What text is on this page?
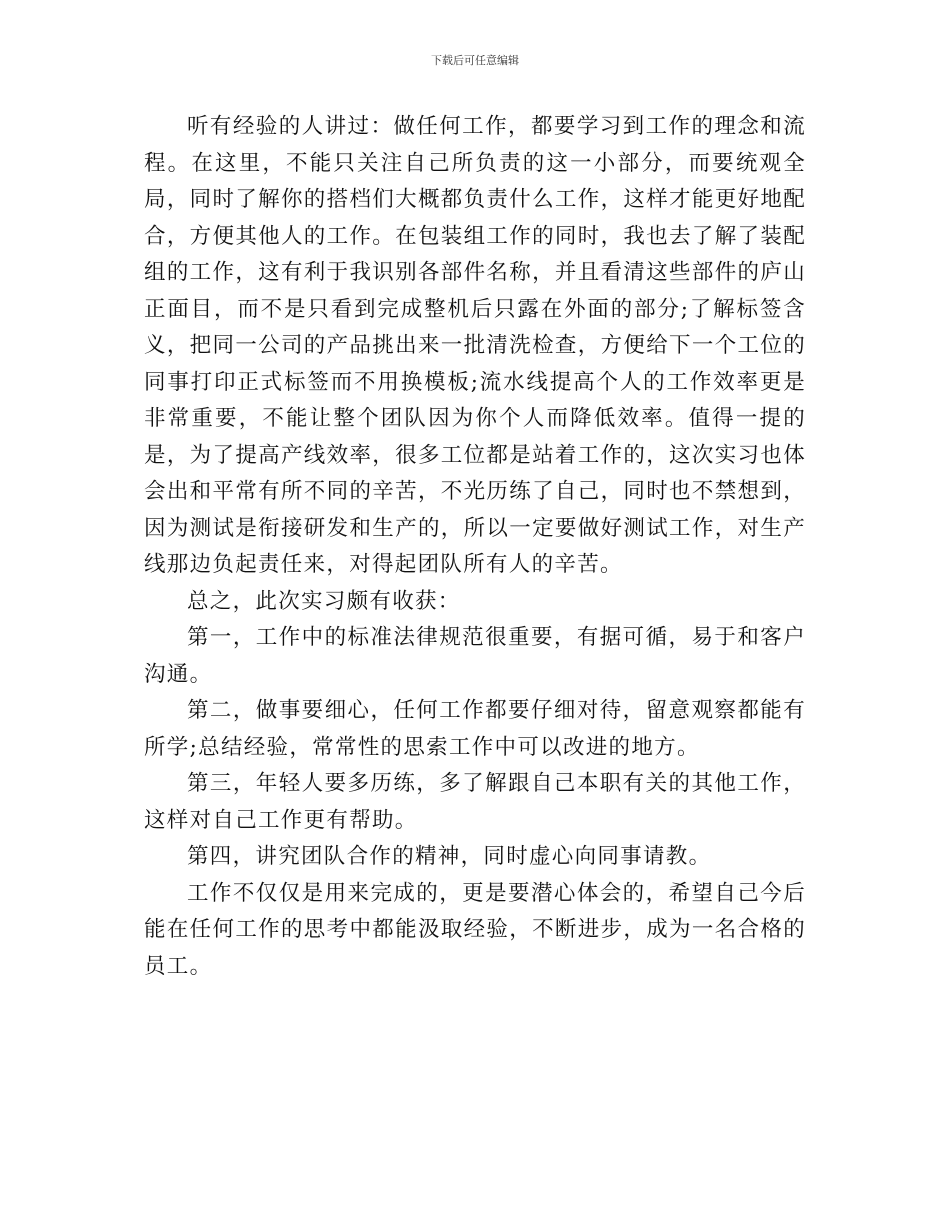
下载后可任意编辑

听有经验的人讲过：做任何工作，都要学习到工作的理念和流程。在这里，不能只关注自己所负责的这一小部分，而要统观全局，同时了解你的搭档们大概都负责什么工作，这样才能更好地配合，方便其他人的工作。在包装组工作的同时，我也去了解了装配组的工作，这有利于我识别各部件名称，并且看清这些部件的庐山正面目，而不是只看到完成整机后只露在外面的部分;了解标签含义，把同一公司的产品挑出来一批清洗检查，方便给下一个工位的同事打印正式标签而不用换模板;流水线提高个人的工作效率更是非常重要，不能让整个团队因为你个人而降低效率。值得一提的是，为了提高产线效率，很多工位都是站着工作的，这次实习也体会出和平常有所不同的辛苦，不光历练了自己，同时也不禁想到，因为测试是衔接研发和生产的，所以一定要做好测试工作，对生产线那边负起责任来，对得起团队所有人的辛苦。

总之，此次实习颇有收获：

第一，工作中的标准法律规范很重要，有据可循，易于和客户沟通。

第二，做事要细心，任何工作都要仔细对待，留意观察都能有所学;总结经验，常常性的思索工作中可以改进的地方。

第三，年轻人要多历练，多了解跟自己本职有关的其他工作，这样对自己工作更有帮助。

第四，讲究团队合作的精神，同时虚心向同事请教。

工作不仅仅是用来完成的，更是要潜心体会的，希望自己今后能在任何工作的思考中都能汲取经验，不断进步，成为一名合格的员工。
